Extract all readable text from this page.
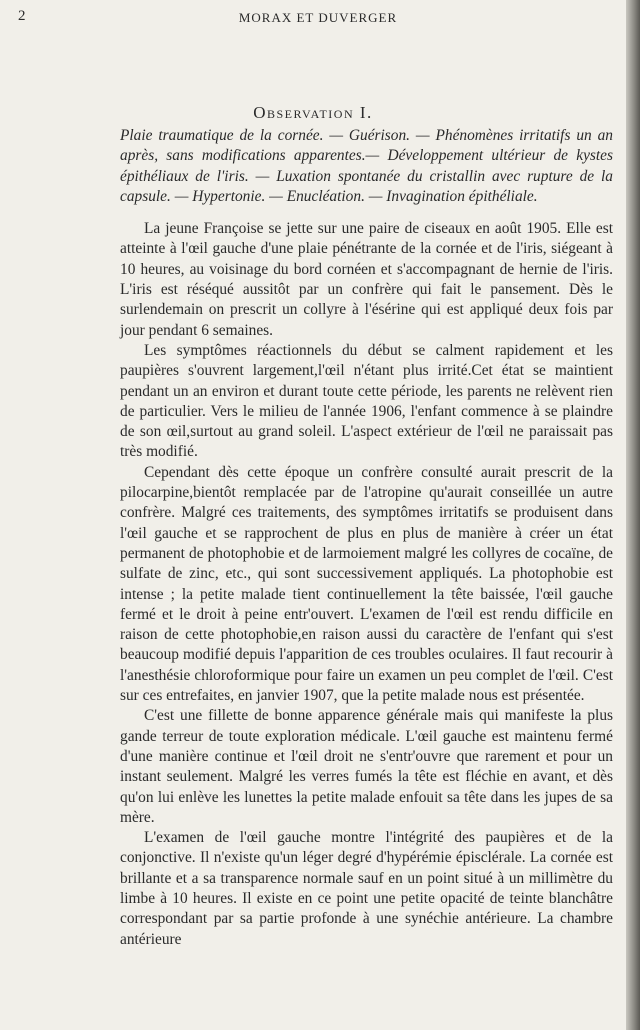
2	MORAX ET DUVERGER
Observation I.

Plaie traumatique de la cornée. — Guérison. — Phénomènes irritatifs un an après, sans modifications apparentes.— Développement ultérieur de kystes épithéliaux de l'iris. — Luxation spontanée du cristallin avec rupture de la capsule. — Hypertonie. — Enucléation. — Invagination épithéliale.

La jeune Françoise se jette sur une paire de ciseaux en août 1905. Elle est atteinte à l'œil gauche d'une plaie pénétrante de la cornée et de l'iris, siégeant à 10 heures, au voisinage du bord cornéen et s'accompagnant de hernie de l'iris. L'iris est réséqué aussitôt par un confrère qui fait le pansement. Dès le surlendemain on prescrit un collyre à l'ésérine qui est appliqué deux fois par jour pendant 6 semaines.

Les symptômes réactionnels du début se calment rapidement et les paupières s'ouvrent largement,l'œil n'étant plus irrité.Cet état se maintient pendant un an environ et durant toute cette période, les parents ne relèvent rien de particulier. Vers le milieu de l'année 1906, l'enfant commence à se plaindre de son œil,surtout au grand soleil. L'aspect extérieur de l'œil ne paraissait pas très modifié.

Cependant dès cette époque un confrère consulté aurait prescrit de la pilocarpine,bientôt remplacée par de l'atropine qu'aurait conseillée un autre confrère. Malgré ces traitements, des symptômes irritatifs se produisent dans l'œil gauche et se rapprochent de plus en plus de manière à créer un état permanent de photophobie et de larmoiement malgré les collyres de cocaïne, de sulfate de zinc, etc., qui sont successivement appliqués. La photophobie est intense ; la petite malade tient continuellement la tête baissée, l'œil gauche fermé et le droit à peine entr'ouvert. L'examen de l'œil est rendu difficile en raison de cette photophobie,en raison aussi du caractère de l'enfant qui s'est beaucoup modifié depuis l'apparition de ces troubles oculaires. Il faut recourir à l'anesthésie chloroformique pour faire un examen un peu complet de l'œil. C'est sur ces entrefaites, en janvier 1907, que la petite malade nous est présentée.

C'est une fillette de bonne apparence générale mais qui manifeste la plus gande terreur de toute exploration médicale. L'œil gauche est maintenu fermé d'une manière continue et l'œil droit ne s'entr'ouvre que rarement et pour un instant seulement. Malgré les verres fumés la tête est fléchie en avant, et dès qu'on lui enlève les lunettes la petite malade enfouit sa tête dans les jupes de sa mère.

L'examen de l'œil gauche montre l'intégrité des paupières et de la conjonctive. Il n'existe qu'un léger degré d'hypérémie épisclérale. La cornée est brillante et a sa transparence normale sauf en un point situé à un millimètre du limbe à 10 heures. Il existe en ce point une petite opacité de teinte blanchâtre correspondant par sa partie profonde à une synéchie antérieure. La chambre antérieure
